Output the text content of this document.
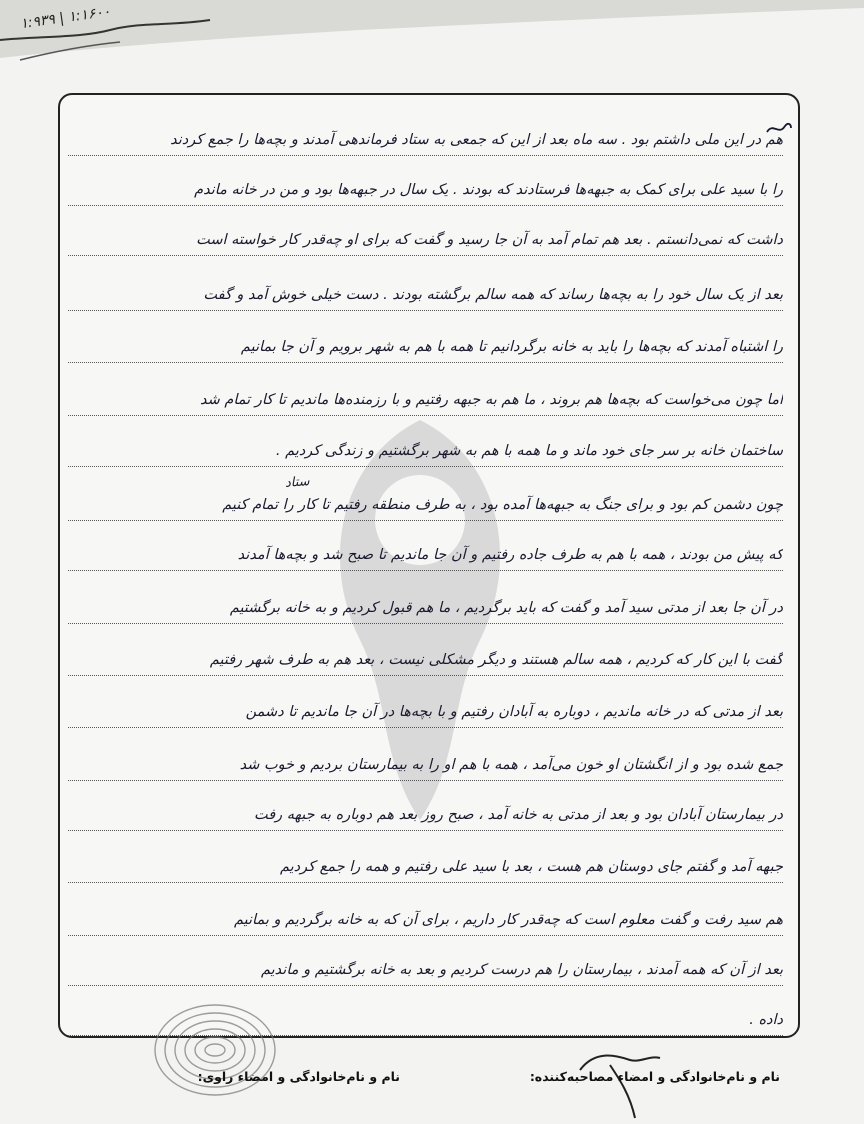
۱:۹۳۹ | ۱:۱۶۰۰
ستاد
هم در این ملی داشتم بود . سه ماه بعد از این که جمعی به ستاد فرماندهی آمدند و بچه‌ها را جمع کردند
را با سید علی برای کمک به جبهه‌ها فرستادند که بودند . یک سال در جبهه‌ها بود و من در خانه ماندم
داشت که نمی‌دانستم . بعد هم تمام آمد به آن جا رسید و گفت که برای او چه‌قدر کار خواسته است
بعد از یک سال خود را به بچه‌ها رساند که همه سالم برگشته بودند . دست خیلی خوش آمد و گفت
را اشتباه آمدند که بچه‌ها را باید به خانه برگردانیم تا همه با هم به شهر برویم و آن جا بمانیم
اما چون می‌خواست که بچه‌ها هم بروند ، ما هم به جبهه رفتیم و با رزمنده‌ها ماندیم تا کار تمام شد
ساختمان خانه بر سر جای خود ماند و ما همه با هم به شهر برگشتیم و زندگی کردیم .
چون دشمن کم بود و برای جنگ به جبهه‌ها آمده بود ، به طرف منطقه رفتیم تا کار را تمام کنیم
که پیش من بودند ، همه با هم به طرف جاده رفتیم و آن جا ماندیم تا صبح شد و بچه‌ها آمدند
در آن جا بعد از مدتی سید آمد و گفت که باید برگردیم ، ما هم قبول کردیم و به خانه برگشتیم
گفت با این کار که کردیم ، همه سالم هستند و دیگر مشکلی نیست ، بعد هم به طرف شهر رفتیم
بعد از مدتی که در خانه ماندیم ، دوباره به آبادان رفتیم و با بچه‌ها در آن جا ماندیم تا دشمن
جمع شده بود و از انگشتان او خون می‌آمد ، همه با هم او را به بیمارستان بردیم و خوب شد
در بیمارستان آبادان بود و بعد از مدتی به خانه آمد ، صبح روز بعد هم دوباره به جبهه رفت
جبهه آمد و گفتم جای دوستان هم هست ، بعد با سید علی رفتیم و همه را جمع کردیم
هم سید رفت و گفت معلوم است که چه‌قدر کار داریم ، برای آن که به خانه برگردیم و بمانیم
بعد از آن که همه آمدند ، بیمارستان را هم درست کردیم و بعد به خانه برگشتیم و ماندیم
داده .
نام و نام‌خانوادگی و امضاء مصاحبه‌کننده:
نام و نام‌خانوادگی و امضاء راوی:
